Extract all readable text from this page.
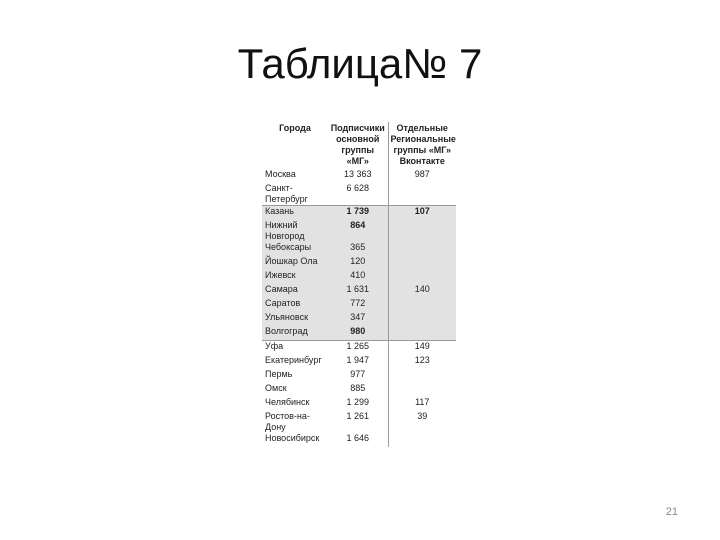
Таблица№ 7
Города	Подписчики основной группы «МГ»	Отдельные Региональные группы «МГ» Вконтакте
Москва	13 363	987
Санкт-Петербург	6 628	
Казань	1 739	107
Нижний Новгород	864	
Чебоксары	365	
Йошкар Ола	120	
Ижевск	410	
Самара	1 631	140
Саратов	772	
Ульяновск	347	
Волгоград	980	
Уфа	1 265	149
Екатеринбург	1 947	123
Пермь	977	
Омск	885	
Челябинск	1 299	117
Ростов-на-Дону	1 261	39
Новосибирск	1 646	
21
